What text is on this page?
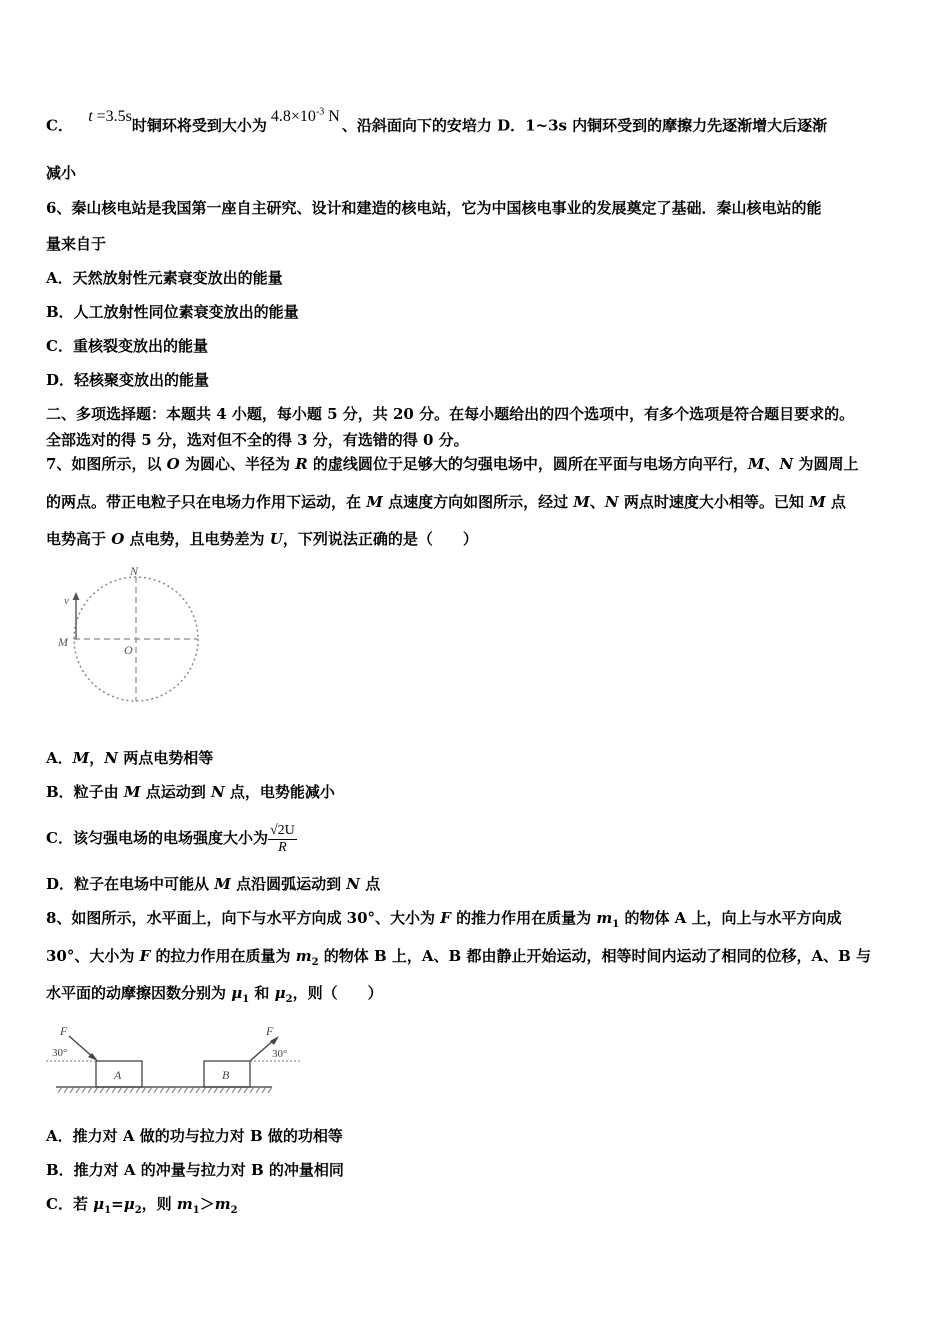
C． t =3.5s时铜环将受到大小为 $4.8\times 10^{-3}$ N 、沿斜面向下的安培力 D．1~3s 内铜环受到的摩擦力先逐渐增大后逐渐
减小
6、秦山核电站是我国第一座自主研究、设计和建造的核电站，它为中国核电事业的发展奠定了基础．秦山核电站的能
量来自于
A．天然放射性元素衰变放出的能量
B．人工放射性同位素衰变放出的能量
C．重核裂变放出的能量
D．轻核聚变放出的能量
二、多项选择题：本题共 4 小题，每小题 5 分，共 20 分。在每小题给出的四个选项中，有多个选项是符合题目要求的。
全部选对的得 5 分，选对但不全的得 3 分，有选错的得 0 分。
7、如图所示，以 O 为圆心、半径为 R 的虚线圆位于足够大的匀强电场中，圆所在平面与电场方向平行，M、N 为圆周上
的两点。带正电粒子只在电场力作用下运动，在 M 点速度方向如图所示，经过 M、N 两点时速度大小相等。已知 M 点
电势高于 O 点电势，且电势差为 U，下列说法正确的是（　　）
N
v
M
O
A．M，N 两点电势相等
B．粒子由 M 点运动到 N 点，电势能减小
C．该匀强电场的电场强度大小为 $\frac{√2U}{R}$
D．粒子在电场中可能从 M 点沿圆弧运动到 N 点
8、如图所示，水平面上，向下与水平方向成 30°、大小为 F 的推力作用在质量为 $m_1$ 的物体 A 上，向上与水平方向成
30°、大小为 F 的拉力作用在质量为 $m_2$ 的物体 B 上，A、B 都由静止开始运动，相等时间内运动了相同的位移，A、B 与
水平面的动摩擦因数分别为 $\mu_1$ 和 $\mu_2$，则（　　）
A	B
F
30°
F
30°
A．推力对 A 做的功与拉力对 B 做的功相等
B．推力对 A 的冲量与拉力对 B 的冲量相同
C．若 $\mu_1=\mu_2$，则 $m_1>m_2$
